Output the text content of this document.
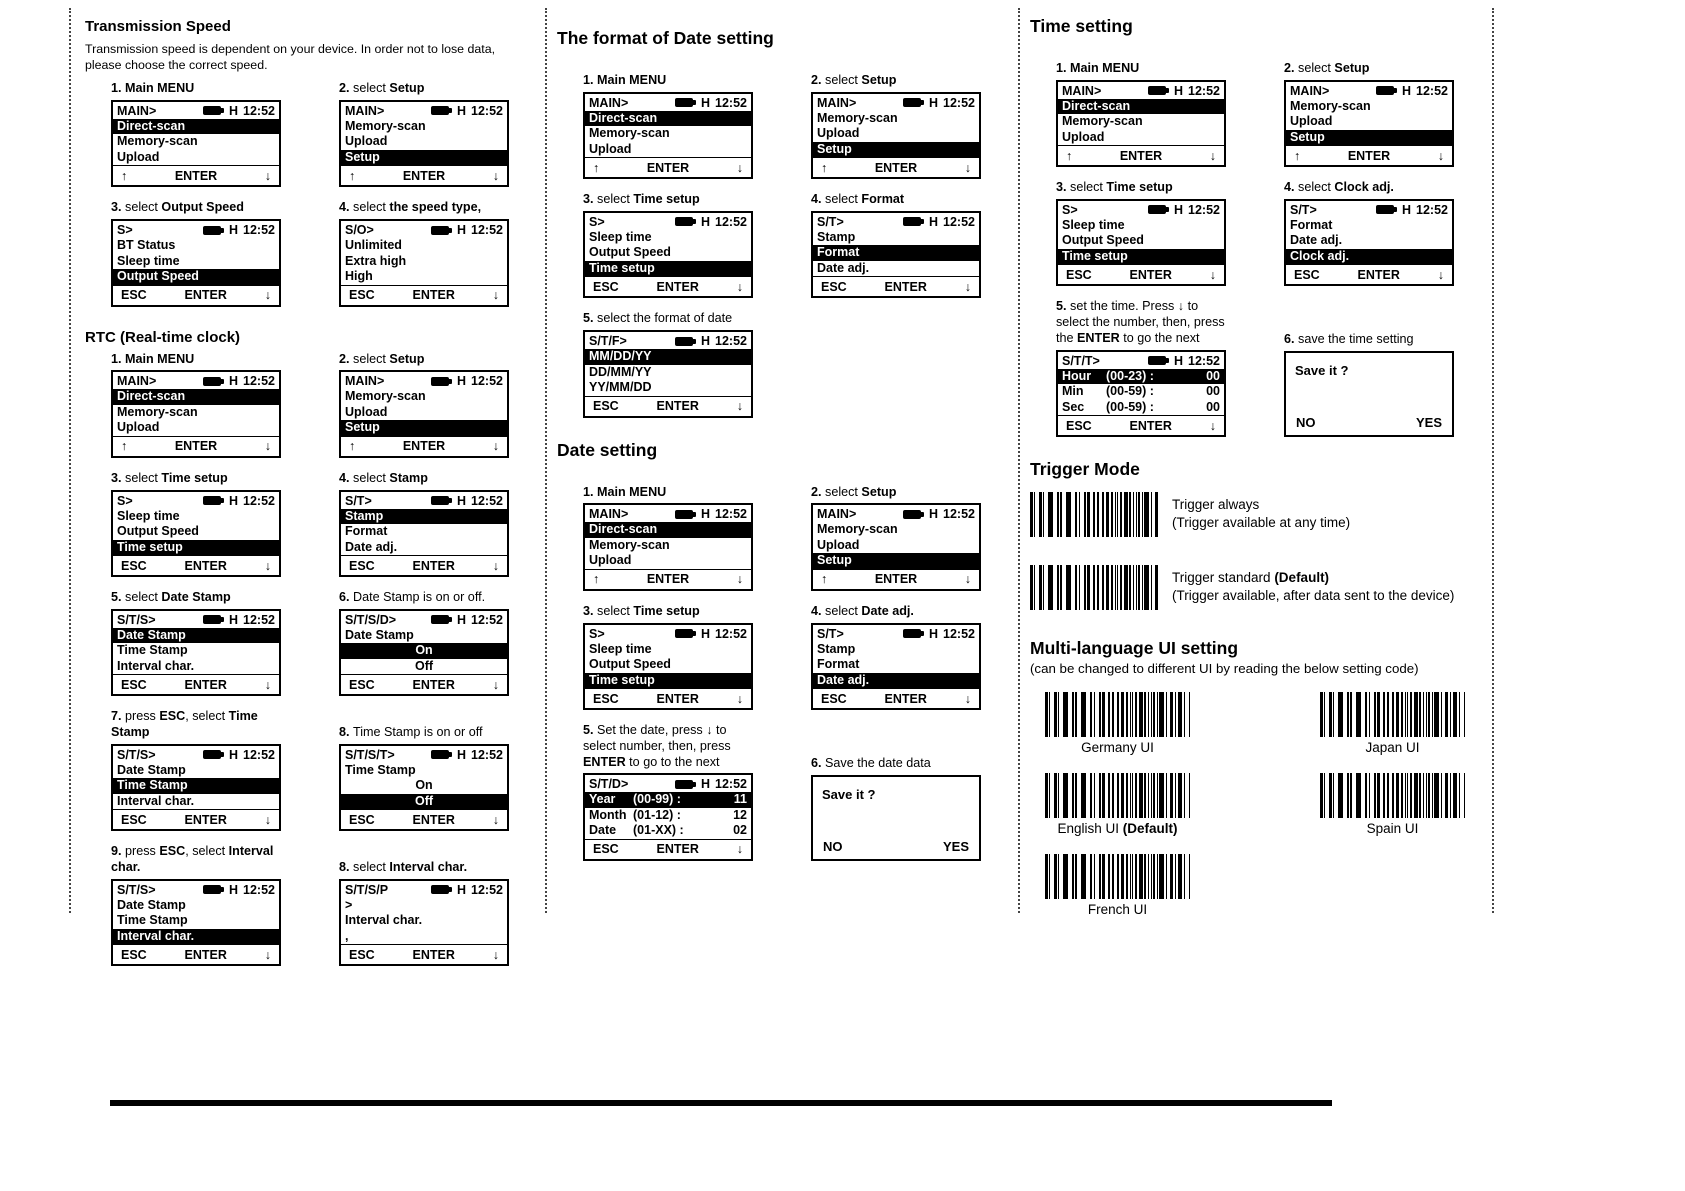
Transmission Speed

Transmission speed is dependent on your device. In order not to lose data, please choose the correct speed.

1. Main MENU
MAIN>	H 12:52
Direct-scan
Memory-scan
Upload
↑	ENTER	↓
2. select Setup
MAIN>	H 12:52
Memory-scan
Upload
Setup
↑	ENTER	↓
3. select Output Speed
S>	H 12:52
BT Status
Sleep time
Output Speed
ESC	ENTER	↓
4. select the speed type,
S/O>	H 12:52
Unlimited
Extra high
High
ESC	ENTER	↓
RTC (Real-time clock)
1. Main MENU
MAIN>	H 12:52
Direct-scan
Memory-scan
Upload
↑	ENTER	↓
2. select Setup
MAIN>	H 12:52
Memory-scan
Upload
Setup
↑	ENTER	↓
3. select Time setup
S>	H 12:52
Sleep time
Output Speed
Time setup
ESC	ENTER	↓
4. select Stamp
S/T>	H 12:52
Stamp
Format
Date adj.
ESC	ENTER	↓
5. select Date Stamp
S/T/S>	H 12:52
Date Stamp
Time Stamp
Interval char.
ESC	ENTER	↓
6. Date Stamp is on or off.
S/T/S/D>	H 12:52
Date Stamp
On
Off
ESC	ENTER	↓
7. press ESC, select Time Stamp
S/T/S>	H 12:52
Date Stamp
Time Stamp
Interval char.
ESC	ENTER	↓
8. Time Stamp is on or off
S/T/S/T>	H 12:52
Time Stamp
On
Off
ESC	ENTER	↓
9. press ESC, select Interval char.
S/T/S>	H 12:52
Date Stamp
Time Stamp
Interval char.
ESC	ENTER	↓
8. select Interval char.
S/T/S/P	H 12:52
>
Interval char.
,
ESC	ENTER	↓
The format of Date setting
1. Main MENU
MAIN>	H 12:52
Direct-scan
Memory-scan
Upload
↑	ENTER	↓
2. select Setup
MAIN>	H 12:52
Memory-scan
Upload
Setup
↑	ENTER	↓
3. select Time setup
S>	H 12:52
Sleep time
Output Speed
Time setup
ESC	ENTER	↓
4. select Format
S/T>	H 12:52
Stamp
Format
Date adj.
ESC	ENTER	↓
5. select the format of date
S/T/F>	H 12:52
MM/DD/YY
DD/MM/YY
YY/MM/DD
ESC	ENTER	↓
Date setting
1. Main MENU
MAIN>	H 12:52
Direct-scan
Memory-scan
Upload
↑	ENTER	↓
2. select Setup
MAIN>	H 12:52
Memory-scan
Upload
Setup
↑	ENTER	↓
3. select Time setup
S>	H 12:52
Sleep time
Output Speed
Time setup
ESC	ENTER	↓
4. select Date adj.
S/T>	H 12:52
Stamp
Format
Date adj.
ESC	ENTER	↓
5. Set the date, press ↓ to select number, then, press ENTER to go to the next
S/T/D>	H 12:52
Year	(00-99) :	11
Month (01-12) :	12
Date	(01-XX) :	02
ESC	ENTER	↓
6. Save the date data
Save it ?
NO	YES
Time setting
1. Main MENU
MAIN>	H 12:52
Direct-scan
Memory-scan
Upload
↑	ENTER	↓
2. select Setup
MAIN>	H 12:52
Memory-scan
Upload
Setup
↑	ENTER	↓
3. select Time setup
S>	H 12:52
Sleep time
Output Speed
Time setup
ESC	ENTER	↓
4. select Clock adj.
S/T>	H 12:52
Format
Date adj.
Clock adj.
ESC	ENTER	↓
5. set the time. Press ↓ to select the number, then, press the ENTER to go the next
S/T/T>	H 12:52
Hour	(00-23) :	00
Min	(00-59) :	00
Sec	(00-59) :	00
ESC	ENTER	↓
6. save the time setting
Save it ?
NO	YES
Trigger Mode
Trigger always
(Trigger available at any time)
Trigger standard (Default)
(Trigger available, after data sent to the device)
Multi-language UI setting
(can be changed to different UI by reading the below setting code)
Germany UI	Japan UI
English UI (Default)	Spain UI
French UI
